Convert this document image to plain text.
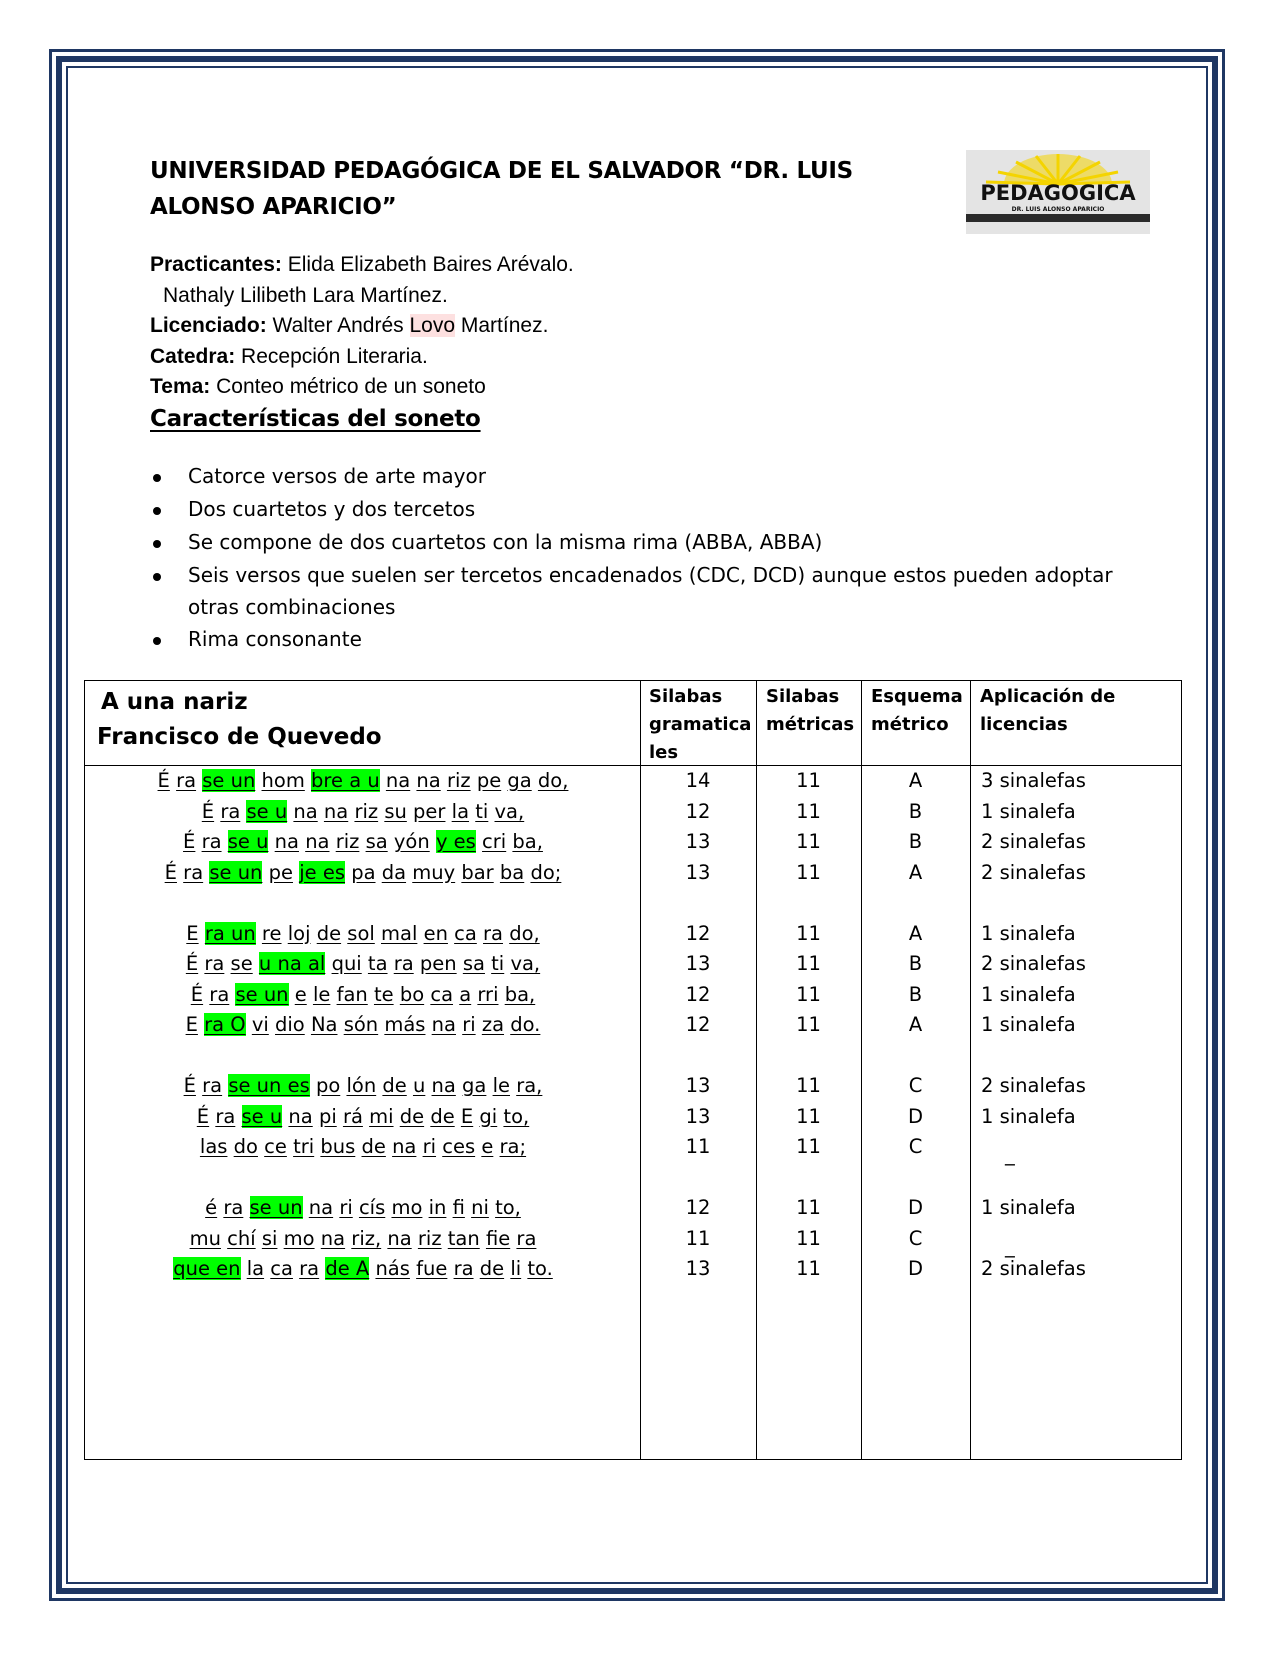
UNIVERSIDAD PEDAGÓGICA DE EL SALVADOR “DR. LUIS ALONSO APARICIO”
PEDAGOGICA
DR. LUIS ALONSO APARICIO
Practicantes: Elida Elizabeth Baires Arévalo.
Nathaly Lilibeth Lara Martínez.
Licenciado: Walter Andrés Lovo Martínez.
Catedra: Recepción Literaria.
Tema: Conteo métrico de un soneto
Características del soneto
Catorce versos de arte mayor
Dos cuartetos y dos tercetos
Se compone de dos cuartetos con la misma rima (ABBA, ABBA)
Seis versos que suelen ser tercetos encadenados (CDC, DCD) aunque estos pueden adoptar otras combinaciones
Rima consonante
A una nariz
Francisco de Quevedo
Silabas gramatica les
Silabas métricas
Esquema métrico
Aplicación de licencias
É ra se un hom bre a u na na riz pe ga do,	14	11	A	3 sinalefas
É ra se u na na riz su per la ti va,	12	11	B	1 sinalefa
É ra se u na na riz sa yón y es cri ba,	13	11	B	2 sinalefas
É ra se un pe je es pa da muy bar ba do;	13	11	A	2 sinalefas
E ra un re loj de sol mal en ca ra do,	12	11	A	1 sinalefa
É ra se u na al qui ta ra pen sa ti va,	13	11	B	2 sinalefas
É ra se un e le fan te bo ca a rri ba,	12	11	B	1 sinalefa
E ra O vi dio Na són más na ri za do.	12	11	A	1 sinalefa
É ra se un es po lón de u na ga le ra,	13	11	C	2 sinalefas
É ra se u na pi rá mi de de E gi to,	13	11	D	1 sinalefa
las do ce tri bus de na ri ces e ra;	11	11	C	_
é ra se un na ri cís mo in fi ni to,	12	11	D	1 sinalefa
mu chí si mo na riz, na riz tan fie ra	11	11	C	_
que en la ca ra de A nás fue ra de li to.	13	11	D	2 sinalefas
